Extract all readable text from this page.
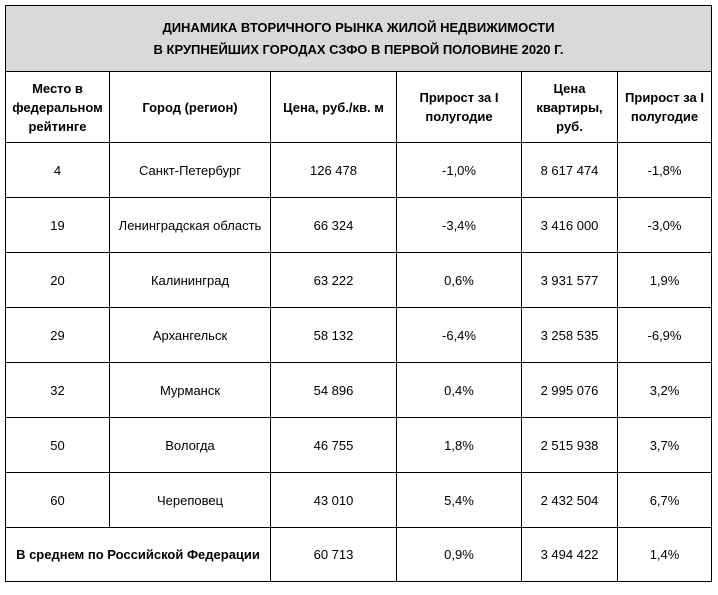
ДИНАМИКА ВТОРИЧНОГО РЫНКА ЖИЛОЙ НЕДВИЖИМОСТИ
В КРУПНЕЙШИХ ГОРОДАХ СЗФО В ПЕРВОЙ ПОЛОВИНЕ 2020 Г.					

Место в федеральном рейтинге	Город (регион)	Цена, руб./кв. м	Прирост за I полугодие	Цена квартиры, руб.	Прирост за I полугодие
4	Санкт-Петербург	126 478	-1,0%	8 617 474	-1,8%
19	Ленинградская область	66 324	-3,4%	3 416 000	-3,0%
20	Калининград	63 222	0,6%	3 931 577	1,9%
29	Архангельск	58 132	-6,4%	3 258 535	-6,9%
32	Мурманск	54 896	0,4%	2 995 076	3,2%
50	Вологда	46 755	1,8%	2 515 938	3,7%
60	Череповец	43 010	5,4%	2 432 504	6,7%
В среднем по Российской Федерации		60 713	0,9%	3 494 422	1,4%
